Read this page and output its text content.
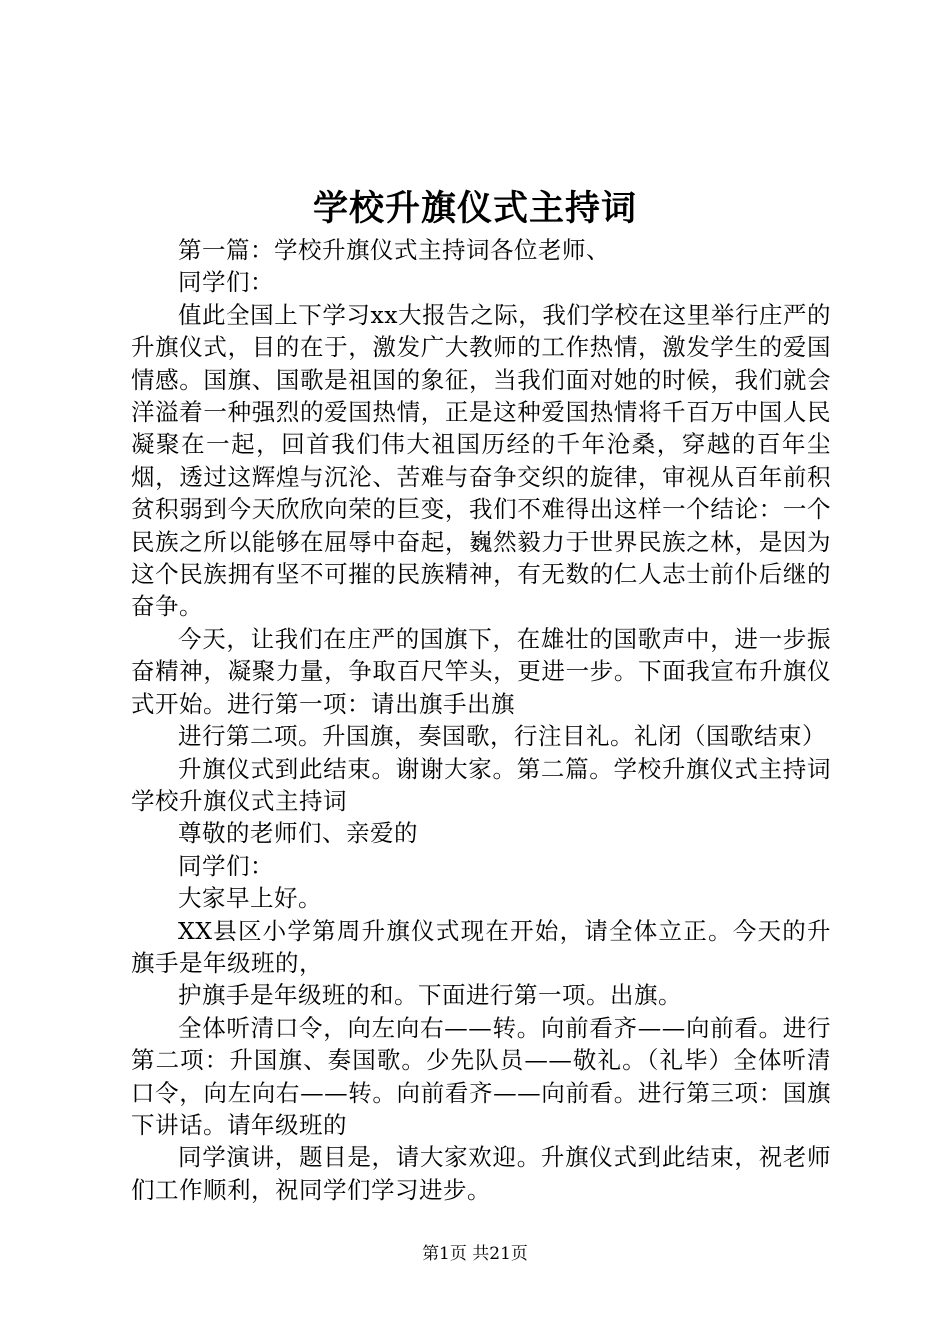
学校升旗仪式主持词

第一篇：学校升旗仪式主持词各位老师、

同学们：

值此全国上下学习xx大报告之际，我们学校在这里举行庄严的升旗仪式，目的在于，激发广大教师的工作热情，激发学生的爱国情感。国旗、国歌是祖国的象征，当我们面对她的时候，我们就会洋溢着一种强烈的爱国热情，正是这种爱国热情将千百万中国人民凝聚在一起，回首我们伟大祖国历经的千年沧桑，穿越的百年尘烟，透过这辉煌与沉沦、苦难与奋争交织的旋律，审视从百年前积贫积弱到今天欣欣向荣的巨变，我们不难得出这样一个结论：一个民族之所以能够在屈辱中奋起，巍然毅力于世界民族之林，是因为这个民族拥有坚不可摧的民族精神，有无数的仁人志士前仆后继的奋争。

今天，让我们在庄严的国旗下，在雄壮的国歌声中，进一步振奋精神，凝聚力量，争取百尺竿头，更进一步。下面我宣布升旗仪式开始。进行第一项：请出旗手出旗

进行第二项。升国旗，奏国歌，行注目礼。礼闭（国歌结束）

升旗仪式到此结束。谢谢大家。第二篇。学校升旗仪式主持词学校升旗仪式主持词

尊敬的老师们、亲爱的

同学们：

大家早上好。

XX县区小学第周升旗仪式现在开始，请全体立正。今天的升旗手是年级班的，

护旗手是年级班的和。下面进行第一项。出旗。

全体听清口令，向左向右——转。向前看齐——向前看。进行第二项：升国旗、奏国歌。少先队员——敬礼。（礼毕）全体听清口令，向左向右——转。向前看齐——向前看。进行第三项：国旗下讲话。请年级班的

同学演讲，题目是，请大家欢迎。升旗仪式到此结束，祝老师们工作顺利，祝同学们学习进步。

第1页 共21页
